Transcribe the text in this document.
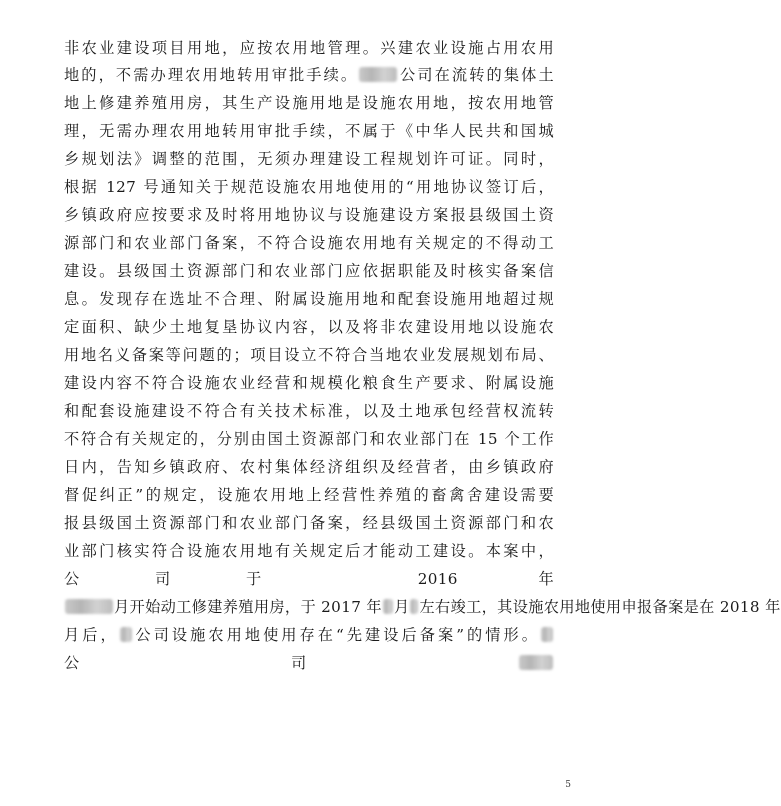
非农业建设项目用地，应按农用地管理。兴建农业设施占用农用
地的，不需办理农用地转用审批手续。	公司在流转的集体土
地上修建养殖用房，其生产设施用地是设施农用地，按农用地管
理，无需办理农用地转用审批手续，不属于《中华人民共和国城
乡规划法》调整的范围，无须办理建设工程规划许可证。同时，
根据 127 号通知关于规范设施农用地使用的“用地协议签订后，
乡镇政府应按要求及时将用地协议与设施建设方案报县级国土资
源部门和农业部门备案，不符合设施农用地有关规定的不得动工
建设。县级国土资源部门和农业部门应依据职能及时核实备案信
息。发现存在选址不合理、附属设施用地和配套设施用地超过规
定面积、缺少土地复垦协议内容，以及将非农建设用地以设施农
用地名义备案等问题的；项目设立不符合当地农业发展规划布局、
建设内容不符合设施农业经营和规模化粮食生产要求、附属设施
和配套设施建设不符合有关技术标准，以及土地承包经营权流转
不符合有关规定的，分别由国土资源部门和农业部门在 15 个工作
日内，告知乡镇政府、农村集体经济组织及经营者，由乡镇政府
督促纠正”的规定，设施农用地上经营性养殖的畜禽舍建设需要
报县级国土资源部门和农业部门备案，经县级国土资源部门和农
业部门核实符合设施农用地有关规定后才能动工建设。本案中，
公司于 2016 年
月开始动工修建养殖用房，于 2017 年 月 左右竣工，其设施农用地使用申报备案是在 2018 年
月后， 公司设施农用地使用存在“先建设后备案”的情形。
公司
5
